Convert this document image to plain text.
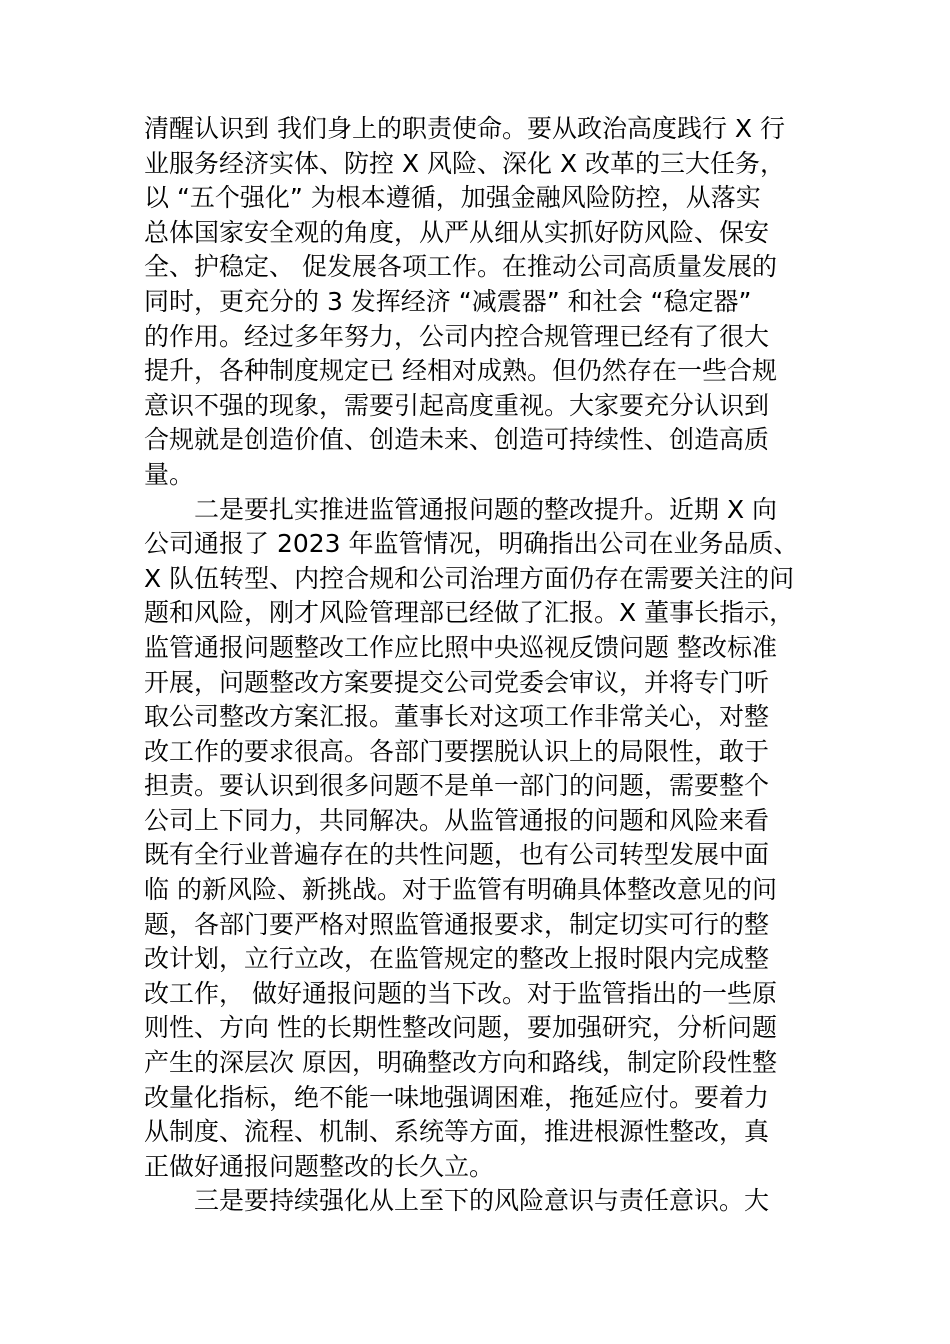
清醒认识到 我们身上的职责使命。要从政治高度践行 X 行
业服务经济实体、防控 X 风险、深化 X 改革的三大任务，
以 “五个强化” 为根本遵循，加强金融风险防控，从落实
总体国家安全观的角度，从严从细从实抓好防风险、保安
全、护稳定、 促发展各项工作。在推动公司高质量发展的
同时，更充分的 3 发挥经济 “减震器” 和社会 “稳定器”
的作用。经过多年努力，公司内控合规管理已经有了很大
提升，各种制度规定已 经相对成熟。但仍然存在一些合规
意识不强的现象，需要引起高度重视。大家要充分认识到
合规就是创造价值、创造未来、创造可持续性、创造高质
量。
二是要扎实推进监管通报问题的整改提升。近期 X 向
公司通报了 2023 年监管情况，明确指出公司在业务品质、
X 队伍转型、内控合规和公司治理方面仍存在需要关注的问
题和风险，刚才风险管理部已经做了汇报。X 董事长指示，
监管通报问题整改工作应比照中央巡视反馈问题 整改标准
开展，问题整改方案要提交公司党委会审议，并将专门听
取公司整改方案汇报。董事长对这项工作非常关心，对整
改工作的要求很高。各部门要摆脱认识上的局限性，敢于
担责。要认识到很多问题不是单一部门的问题，需要整个
公司上下同力，共同解决。从监管通报的问题和风险来看
既有全行业普遍存在的共性问题，也有公司转型发展中面
临 的新风险、新挑战。对于监管有明确具体整改意见的问
题，各部门要严格对照监管通报要求，制定切实可行的整
改计划，立行立改，在监管规定的整改上报时限内完成整
改工作， 做好通报问题的当下改。对于监管指出的一些原
则性、方向 性的长期性整改问题，要加强研究，分析问题
产生的深层次 原因，明确整改方向和路线，制定阶段性整
改量化指标，绝不能一味地强调困难，拖延应付。要着力
从制度、流程、机制、系统等方面，推进根源性整改，真
正做好通报问题整改的长久立。
三是要持续强化从上至下的风险意识与责任意识。大
